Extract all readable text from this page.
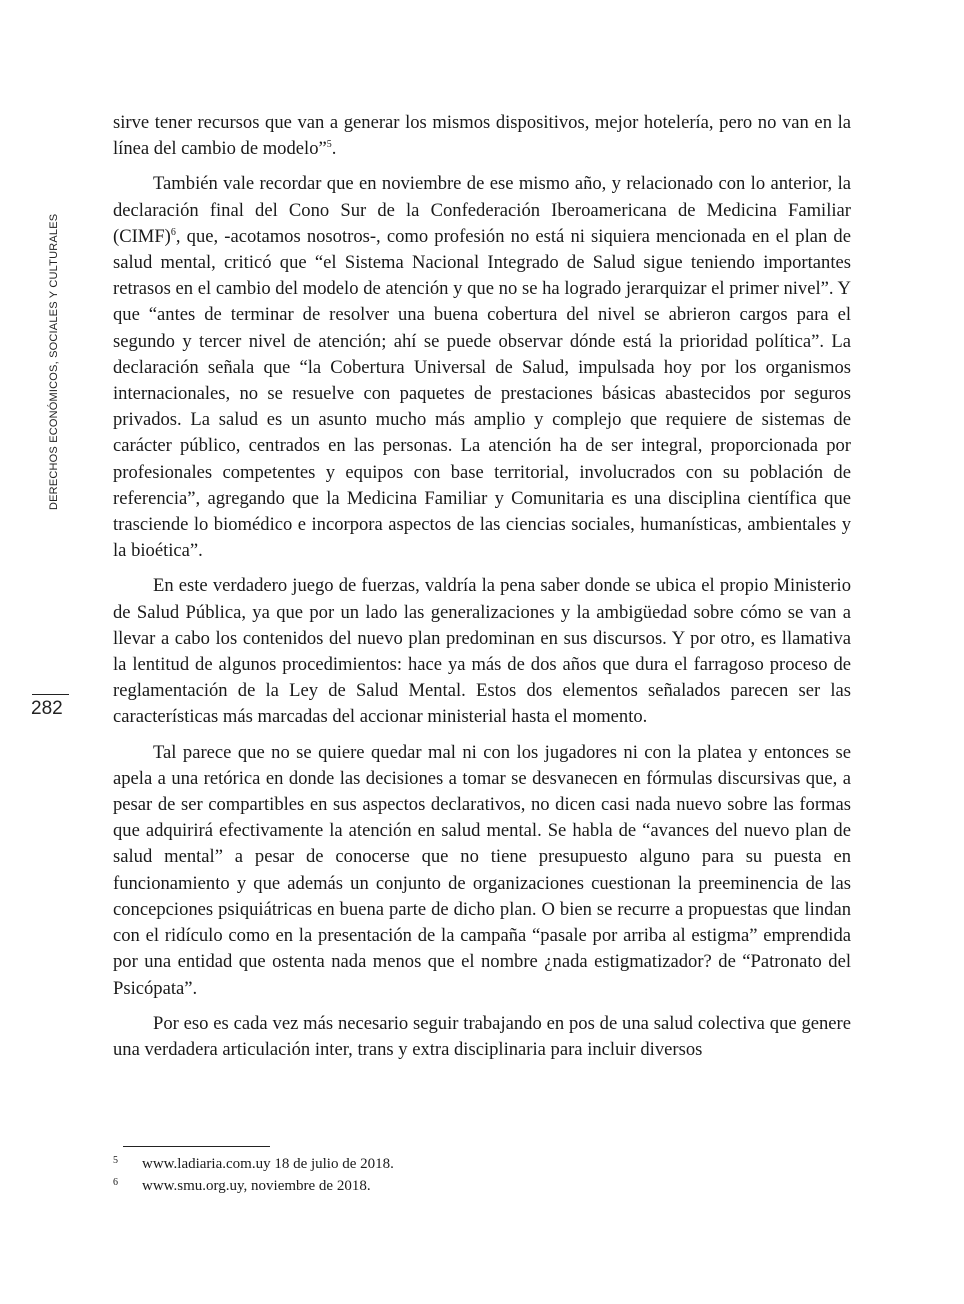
DERECHOS ECONÓMICOS, SOCIALES Y CULTURALES
282

sirve tener recursos que van a generar los mismos dispositivos, mejor hotelería, pero no van en la línea del cambio de modelo”$^5$.

También vale recordar que en noviembre de ese mismo año, y relacionado con lo anterior, la declaración final del Cono Sur de la Confederación Iberoamericana de Medicina Familiar (CIMF)$^6$, que, -acotamos nosotros-, como profesión no está ni siquiera mencionada en el plan de salud mental, criticó que “el Sistema Nacional Integrado de Salud sigue teniendo importantes retrasos en el cambio del modelo de atención y que no se ha logrado jerarquizar el primer nivel”. Y que “antes de terminar de resolver una buena cobertura del nivel se abrieron cargos para el segundo y tercer nivel de atención; ahí se puede observar dónde está la prioridad política”. La declaración señala que “la Cobertura Universal de Salud, impulsada hoy por los organismos internacionales, no se resuelve con paquetes de prestaciones básicas abastecidos por seguros privados. La salud es un asunto mucho más amplio y complejo que requiere de sistemas de carácter público, centrados en las personas. La atención ha de ser integral, proporcionada por profesionales competentes y equipos con base territorial, involucrados con su población de referencia”, agregando que la Medicina Familiar y Comunitaria es una disciplina científica que trasciende lo biomédico e incorpora aspectos de las ciencias sociales, humanísticas, ambientales y la bioética”.

En este verdadero juego de fuerzas, valdría la pena saber donde se ubica el propio Ministerio de Salud Pública, ya que por un lado las generalizaciones y la ambigüedad sobre cómo se van a llevar a cabo los contenidos del nuevo plan predominan en sus discursos. Y por otro, es llamativa la lentitud de algunos procedimientos: hace ya más de dos años que dura el farragoso proceso de reglamentación de la Ley de Salud Mental. Estos dos elementos señalados parecen ser las características más marcadas del accionar ministerial hasta el momento.

Tal parece que no se quiere quedar mal ni con los jugadores ni con la platea y entonces se apela a una retórica en donde las decisiones a tomar se desvanecen en fórmulas discursivas que, a pesar de ser compartibles en sus aspectos declarativos, no dicen casi nada nuevo sobre las formas que adquirirá efectivamente la atención en salud mental. Se habla de “avances del nuevo plan de salud mental” a pesar de conocerse que no tiene presupuesto alguno para su puesta en funcionamiento y que además un conjunto de organizaciones cuestionan la preeminencia de las concepciones psiquiátricas en buena parte de dicho plan. O bien se recurre a propuestas que lindan con el ridículo como en la presentación de la campaña “pasale por arriba al estigma” emprendida por una entidad que ostenta nada menos que el nombre ¿nada estigmatizador? de “Patronato del Psicópata”.

Por eso es cada vez más necesario seguir trabajando en pos de una salud colectiva que genere una verdadera articulación inter, trans y extra disciplinaria para incluir diversos

5 www.ladiaria.com.uy 18 de julio de 2018.
6 www.smu.org.uy, noviembre de 2018.
